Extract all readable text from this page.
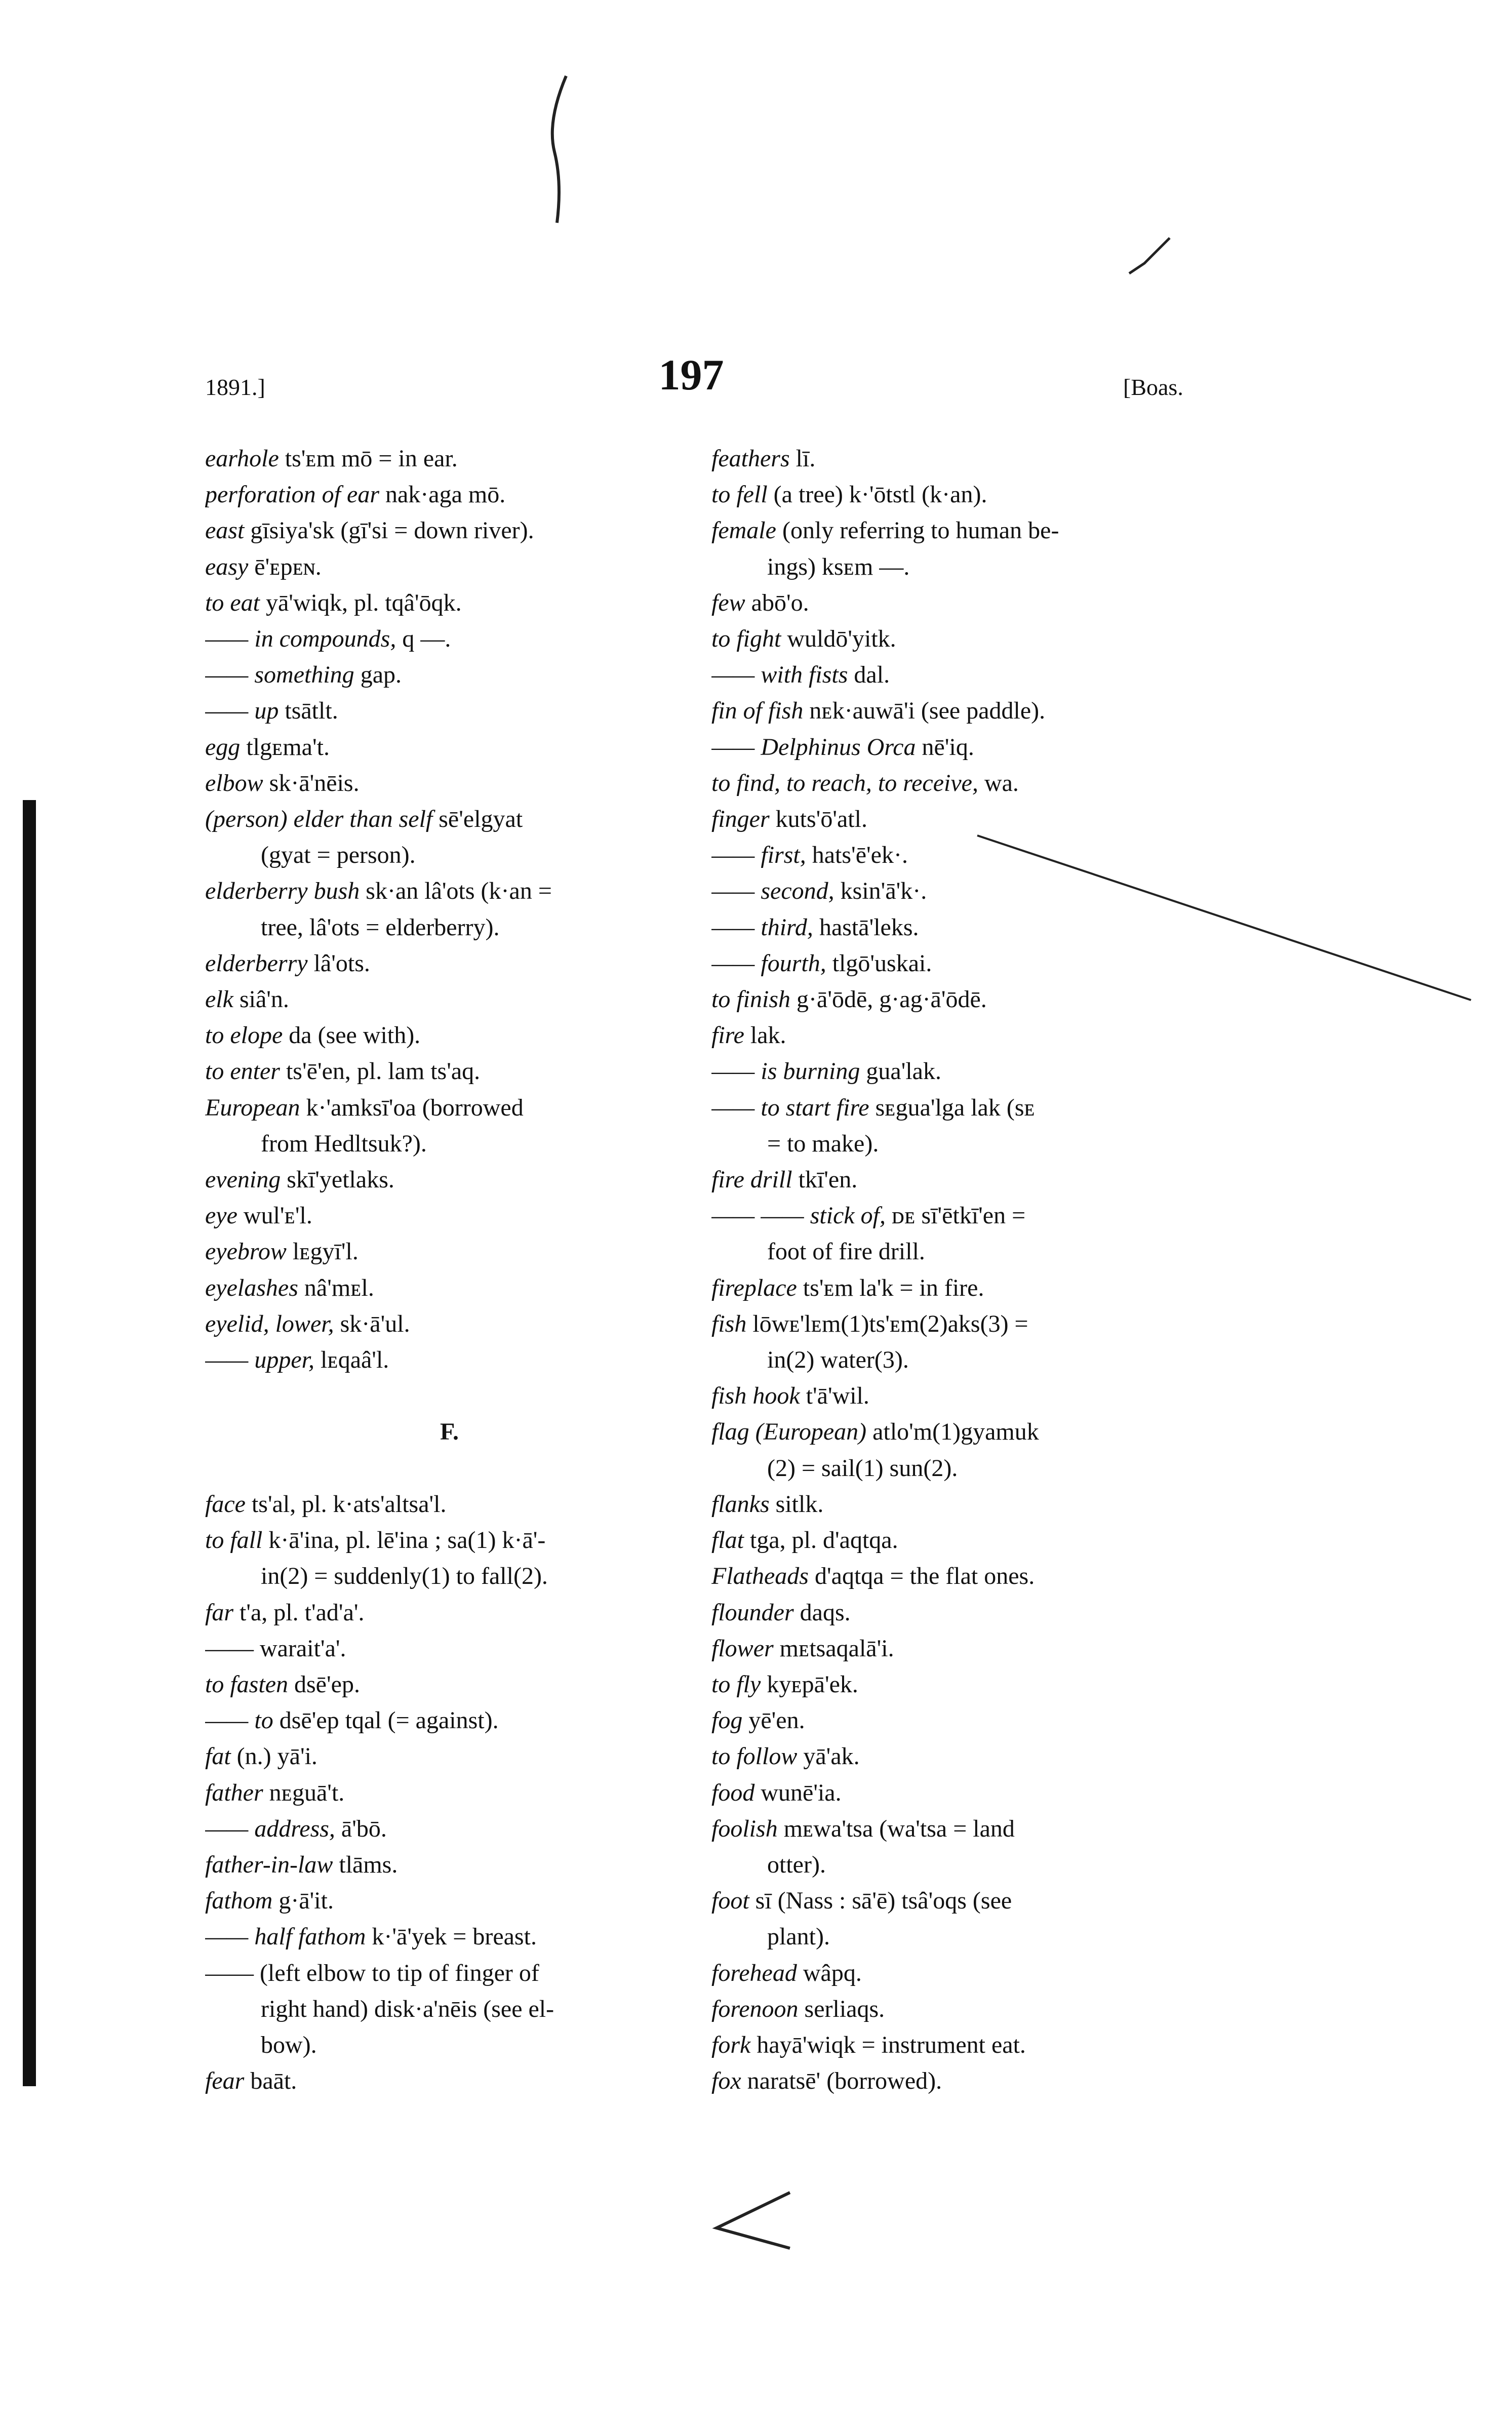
1891.]	197	[Boas.
earhole ts'ᴇm mō = in ear.
perforation of ear nak·aga mō.
east gīsiya'sk (gī'si = down river).
easy ē'ᴇpᴇɴ.
to eat yā'wiqk, pl. tqâ'ōqk.
—— in compounds, q —.
—— something gap.
—— up tsātlt.
egg tlgᴇma't.
elbow sk·ā'nēis.
(person) elder than self sē'elgyat
(gyat = person).
elderberry bush sk·an lâ'ots (k·an =
tree, lâ'ots = elderberry).
elderberry lâ'ots.
elk siâ'n.
to elope da (see with).
to enter ts'ē'en, pl. lam ts'aq.
European k·'amksī'oa (borrowed
from Hedltsuk?).
evening skī'yetlaks.
eye wul'ᴇ'l.
eyebrow lᴇgyī'l.
eyelashes nâ'mᴇl.
eyelid, lower, sk·ā'ul.
—— upper, lᴇqaâ'l.

F.

face ts'al, pl. k·ats'altsa'l.
to fall k·ā'ina, pl. lē'ina ; sa(1) k·ā'-
in(2) = suddenly(1) to fall(2).
far t'a, pl. t'ad'a'.
—— warait'a'.
to fasten dsē'ep.
—— to dsē'ep tqal (= against).
fat (n.) yā'i.
father nᴇguā't.
—— address, ā'bō.
father-in-law tlāms.
fathom g·ā'it.
—— half fathom k·'ā'yek = breast.
—— (left elbow to tip of finger of
right hand) disk·a'nēis (see el-
bow).
fear baāt.
feathers lī.
to fell (a tree) k·'ōtstl (k·an).
female (only referring to human be-
ings) ksᴇm —.
few abō'o.
to fight wuldō'yitk.
—— with fists dal.
fin of fish nᴇk·auwā'i (see paddle).
—— Delphinus Orca nē'iq.
to find, to reach, to receive, wa.
finger kuts'ō'atl.
—— first, hats'ē'ek·.
—— second, ksin'ā'k·.
—— third, hastā'leks.
—— fourth, tlgō'uskai.
to finish g·ā'ōdē, g·ag·ā'ōdē.
fire lak.
—— is burning gua'lak.
—— to start fire sᴇgua'lga lak (sᴇ
= to make).
fire drill tkī'en.
—— —— stick of, ᴅᴇ sī'ētkī'en =
foot of fire drill.
fireplace ts'ᴇm la'k = in fire.
fish lōwᴇ'lᴇm(1)ts'ᴇm(2)aks(3) =
in(2) water(3).
fish hook t'ā'wil.
flag (European) atlo'm(1)gyamuk
(2) = sail(1) sun(2).
flanks sitlk.
flat tga, pl. d'aqtqa.
Flatheads d'aqtqa = the flat ones.
flounder daqs.
flower mᴇtsaqalā'i.
to fly kyᴇpā'ek.
fog yē'en.
to follow yā'ak.
food wunē'ia.
foolish mᴇwa'tsa (wa'tsa = land
otter).
foot sī (Nass : sā'ē) tsâ'oqs (see
plant).
forehead wâpq.
forenoon serliaqs.
fork hayā'wiqk = instrument eat.
fox naratsē' (borrowed).
